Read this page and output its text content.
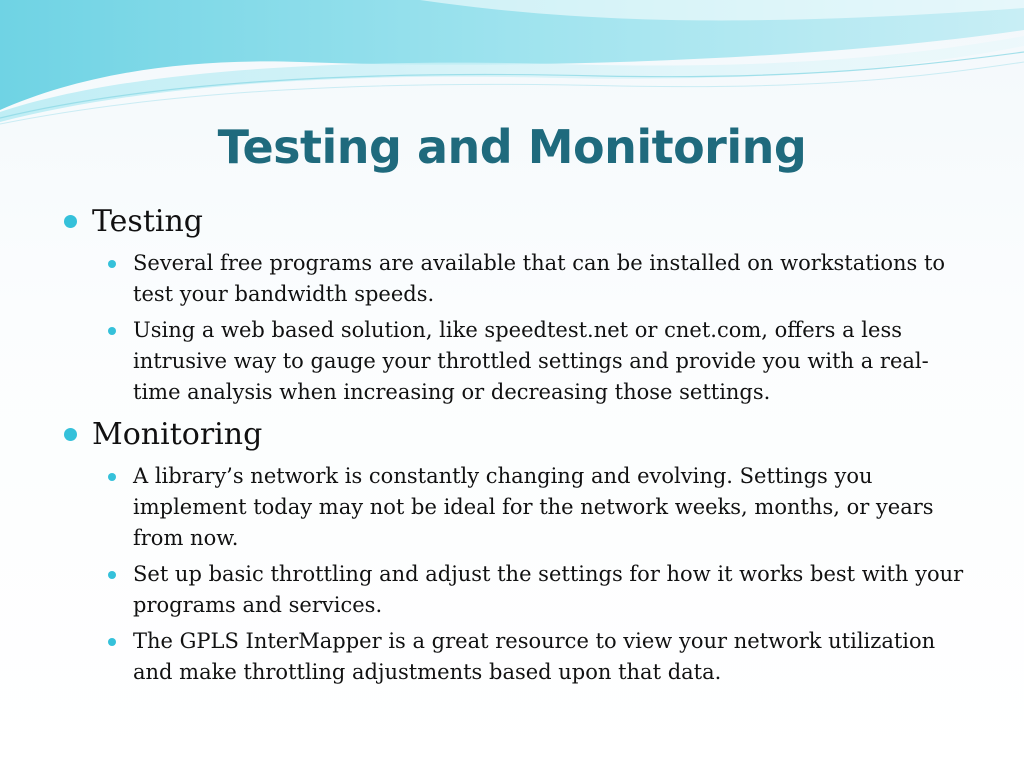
Testing and Monitoring
Testing
Several free programs are available that can be installed on workstations to test your bandwidth speeds.
Using a web based solution, like speedtest.net or cnet.com, offers a less intrusive way to gauge your throttled settings and provide you with a real-time analysis when increasing or decreasing those settings.
Monitoring
A library’s network is constantly changing and evolving. Settings you implement today may not be ideal for the network weeks, months, or years from now.
Set up basic throttling and adjust the settings for how it works best with your programs and services.
The GPLS InterMapper is a great resource to view your network utilization and make throttling adjustments based upon that data.
